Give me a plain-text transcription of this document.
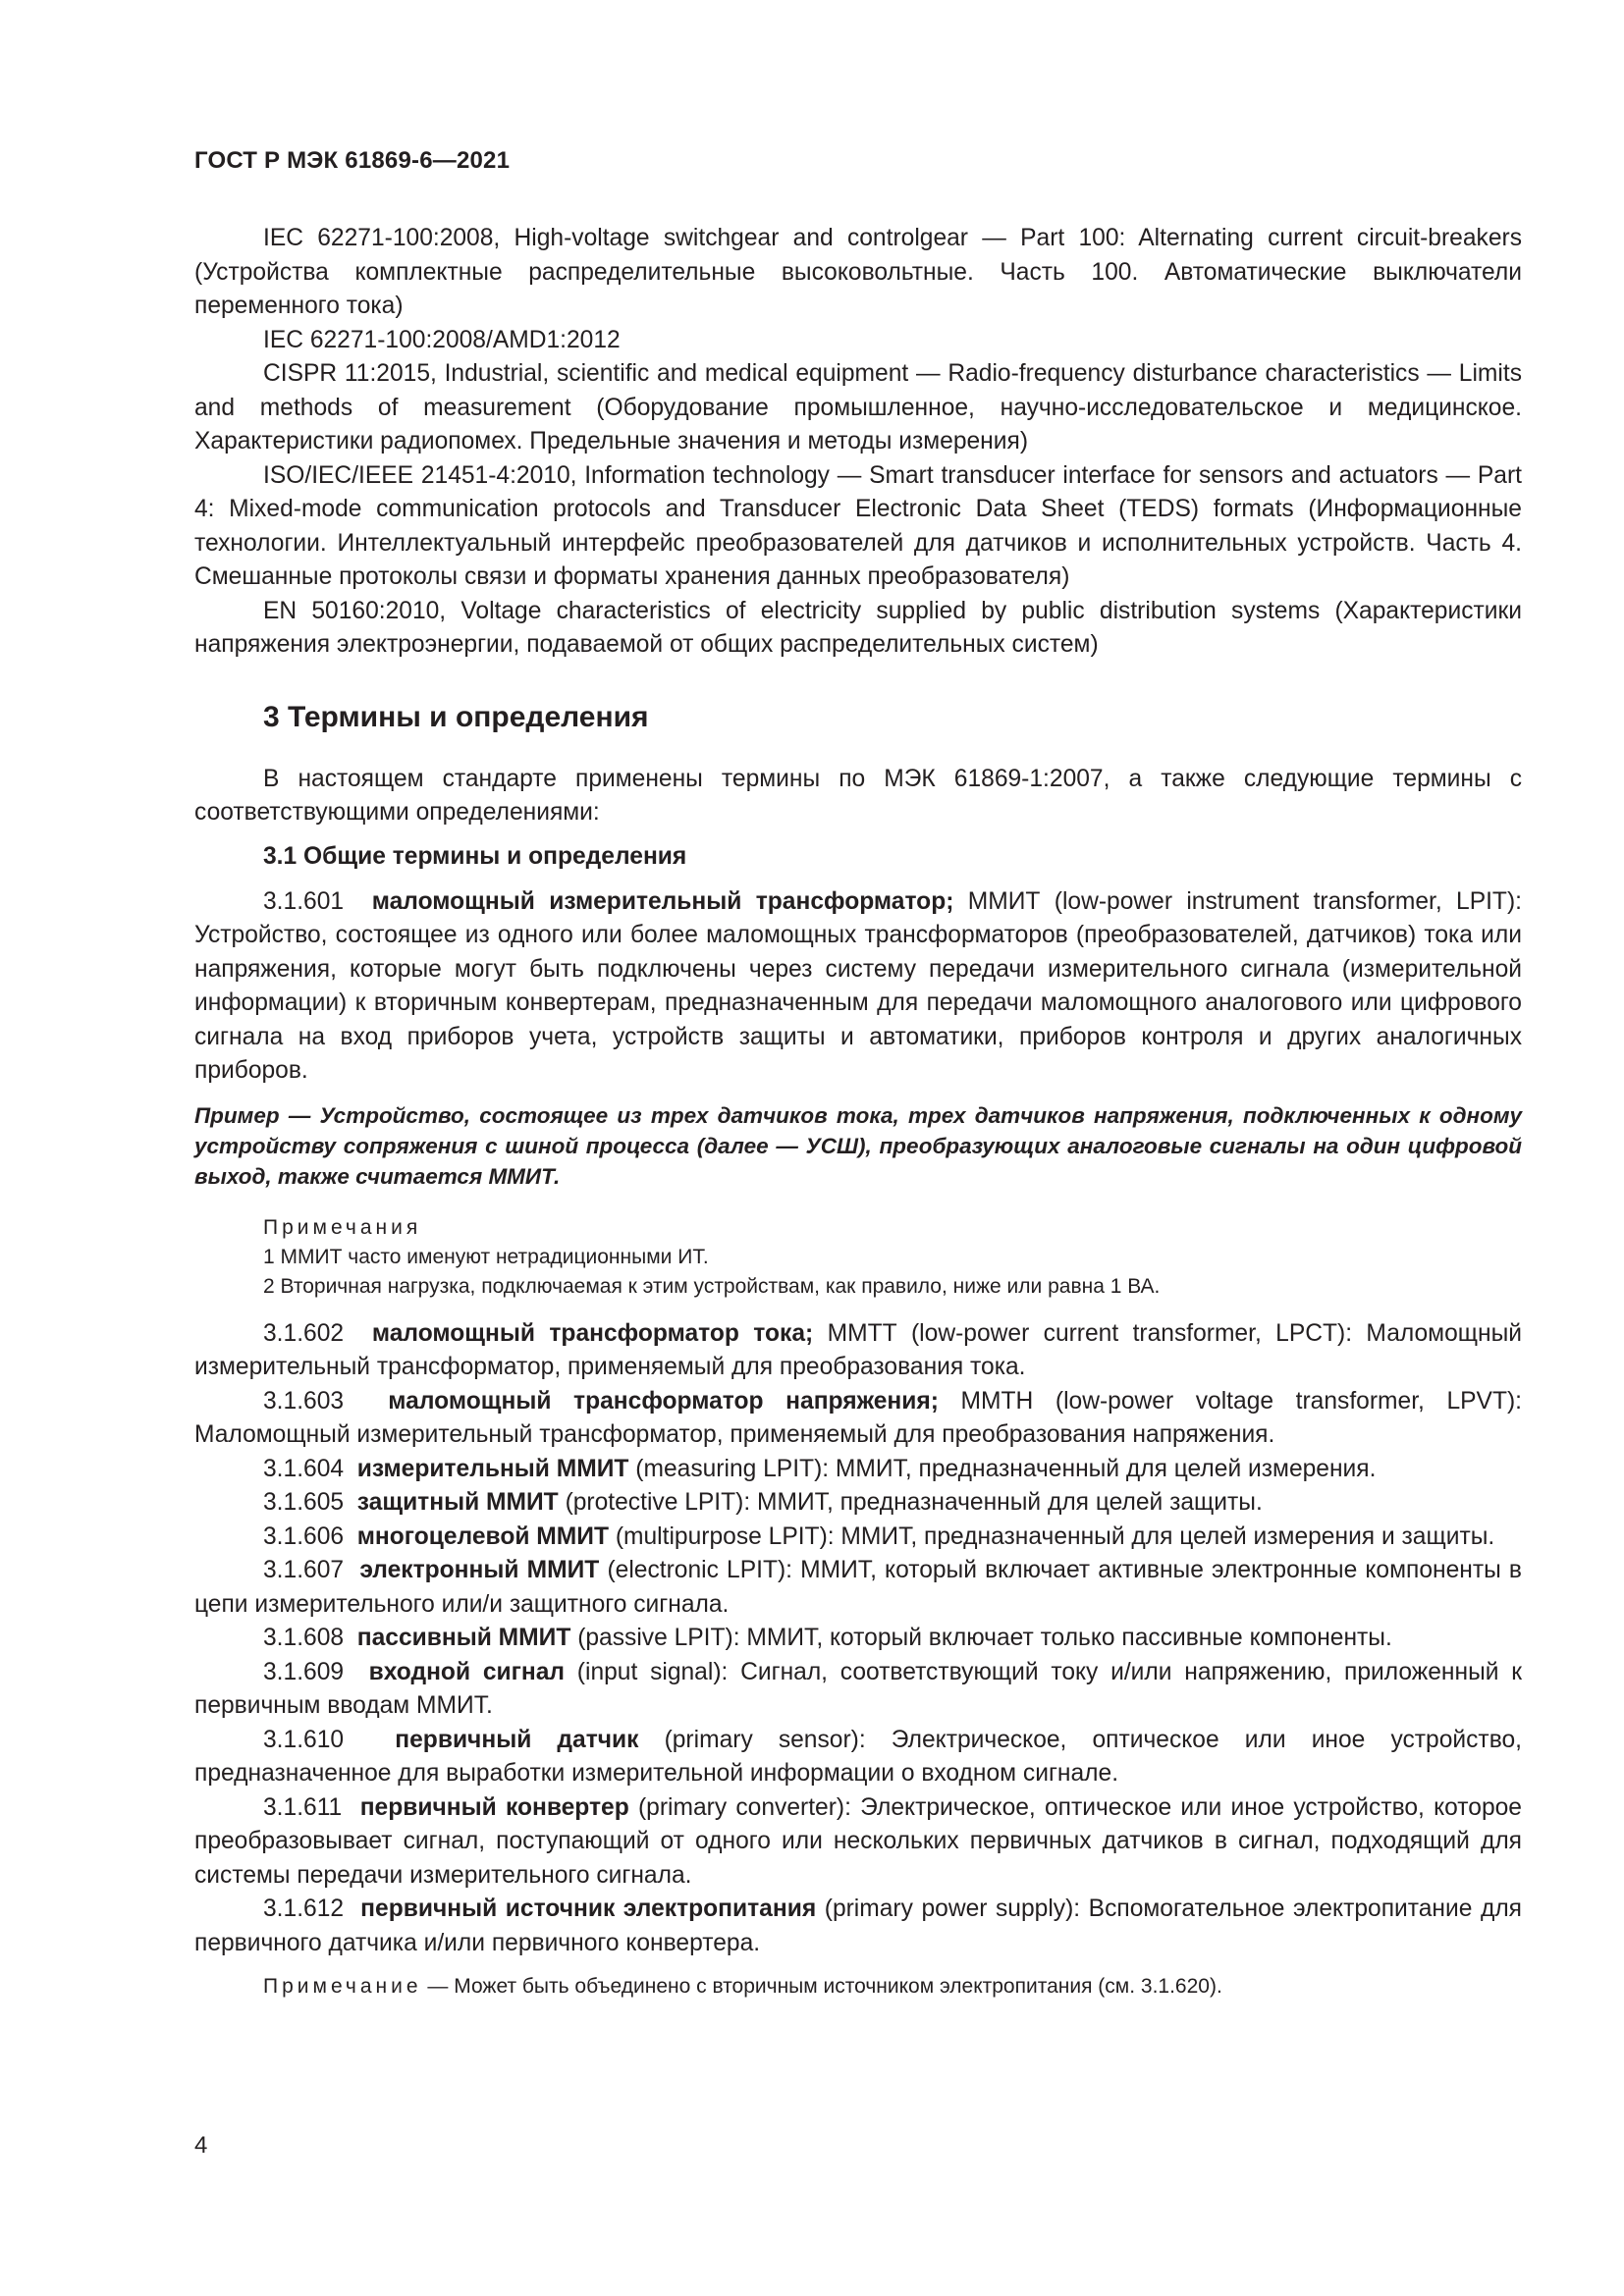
ГОСТ Р МЭК 61869-6—2021

IEC 62271-100:2008, High-voltage switchgear and controlgear — Part 100: Alternating current circuit-breakers (Устройства комплектные распределительные высоковольтные. Часть 100. Автоматические выключатели переменного тока)

IEC 62271-100:2008/AMD1:2012

CISPR 11:2015, Industrial, scientific and medical equipment — Radio-frequency disturbance characteristics — Limits and methods of measurement (Оборудование промышленное, научно-исследовательское и медицинское. Характеристики радиопомех. Предельные значения и методы измерения)

ISO/IEC/IEEE 21451-4:2010, Information technology — Smart transducer interface for sensors and actuators — Part 4: Mixed-mode communication protocols and Transducer Electronic Data Sheet (TEDS) formats (Информационные технологии. Интеллектуальный интерфейс преобразователей для датчиков и исполнительных устройств. Часть 4. Смешанные протоколы связи и форматы хранения данных преобразователя)

EN 50160:2010, Voltage characteristics of electricity supplied by public distribution systems (Характеристики напряжения электроэнергии, подаваемой от общих распределительных систем)

3 Термины и определения

В настоящем стандарте применены термины по МЭК 61869-1:2007, а также следующие термины с соответствующими определениями:

3.1 Общие термины и определения

3.1.601 маломощный измерительный трансформатор; ММИТ (low-power instrument transformer, LPIT): Устройство, состоящее из одного или более маломощных трансформаторов (преобразователей, датчиков) тока или напряжения, которые могут быть подключены через систему передачи измерительного сигнала (измерительной информации) к вторичным конвертерам, предназначенным для передачи маломощного аналогового или цифрового сигнала на вход приборов учета, устройств защиты и автоматики, приборов контроля и других аналогичных приборов.

Пример — Устройство, состоящее из трех датчиков тока, трех датчиков напряжения, подключенных к одному устройству сопряжения с шиной процесса (далее — УСШ), преобразующих аналоговые сигналы на один цифровой выход, также считается ММИТ.

Примечания
1 ММИТ часто именуют нетрадиционными ИТ.
2 Вторичная нагрузка, подключаемая к этим устройствам, как правило, ниже или равна 1 ВА.

3.1.602 маломощный трансформатор тока; ММТТ (low-power current transformer, LPCT): Маломощный измерительный трансформатор, применяемый для преобразования тока.

3.1.603 маломощный трансформатор напряжения; ММТН (low-power voltage transformer, LPVT): Маломощный измерительный трансформатор, применяемый для преобразования напряжения.

3.1.604 измерительный ММИТ (measuring LPIT): ММИТ, предназначенный для целей измерения.

3.1.605 защитный ММИТ (protective LPIT): ММИТ, предназначенный для целей защиты.

3.1.606 многоцелевой ММИТ (multipurpose LPIT): ММИТ, предназначенный для целей измерения и защиты.

3.1.607 электронный ММИТ (electronic LPIT): ММИТ, который включает активные электронные компоненты в цепи измерительного или/и защитного сигнала.

3.1.608 пассивный ММИТ (passive LPIT): ММИТ, который включает только пассивные компоненты.

3.1.609 входной сигнал (input signal): Сигнал, соответствующий току и/или напряжению, приложенный к первичным вводам ММИТ.

3.1.610 первичный датчик (primary sensor): Электрическое, оптическое или иное устройство, предназначенное для выработки измерительной информации о входном сигнале.

3.1.611 первичный конвертер (primary converter): Электрическое, оптическое или иное устройство, которое преобразовывает сигнал, поступающий от одного или нескольких первичных датчиков в сигнал, подходящий для системы передачи измерительного сигнала.

3.1.612 первичный источник электропитания (primary power supply): Вспомогательное электропитание для первичного датчика и/или первичного конвертера.

Примечание — Может быть объединено с вторичным источником электропитания (см. 3.1.620).

4
